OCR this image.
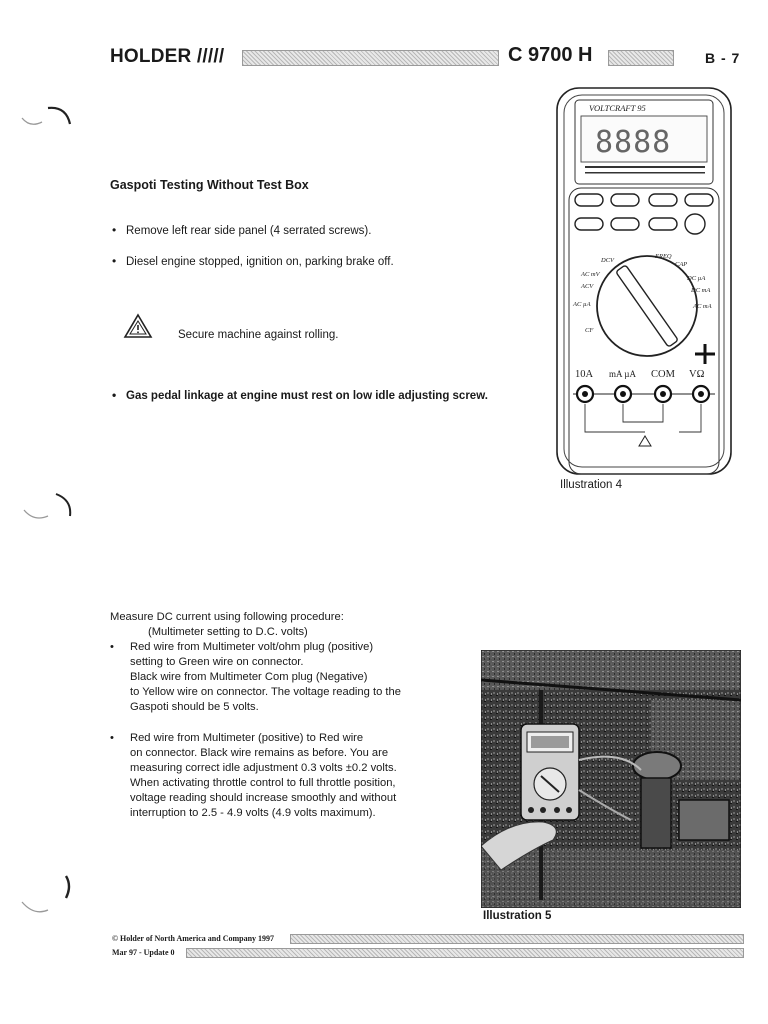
HOLDER /////	C 9700 H	B - 7
Gaspoti Testing Without Test Box
• Remove left rear side panel (4 serrated screws).
• Diesel engine stopped, ignition on, parking brake off.
Secure machine against rolling.
• Gas pedal linkage at engine must rest on low idle adjusting screw.
VOLTCRAFT 95
8888
DCV
AC mV
ACV
AC µA
FREQ
CAP
DC µA
DC mA
AC mA
CF
10A mA µA COM VΩ
Illustration 4
Measure DC current using following procedure:
(Multimeter setting to D.C. volts)
• Red wire from Multimeter volt/ohm plug (positive)
setting to Green wire on connector.
Black wire from Multimeter Com plug (Negative)
to Yellow wire on connector. The voltage reading to the
Gaspoti should be 5 volts.
• Red wire from Multimeter (positive) to Red wire
on connector. Black wire remains as before. You are
measuring correct idle adjustment 0.3 volts ±0.2 volts.
When activating throttle control to full throttle position,
voltage reading should increase smoothly and without
interruption to 2.5 - 4.9 volts (4.9 volts maximum).
Illustration 5
© Holder of North America and Company 1997
Mar 97 - Update 0
